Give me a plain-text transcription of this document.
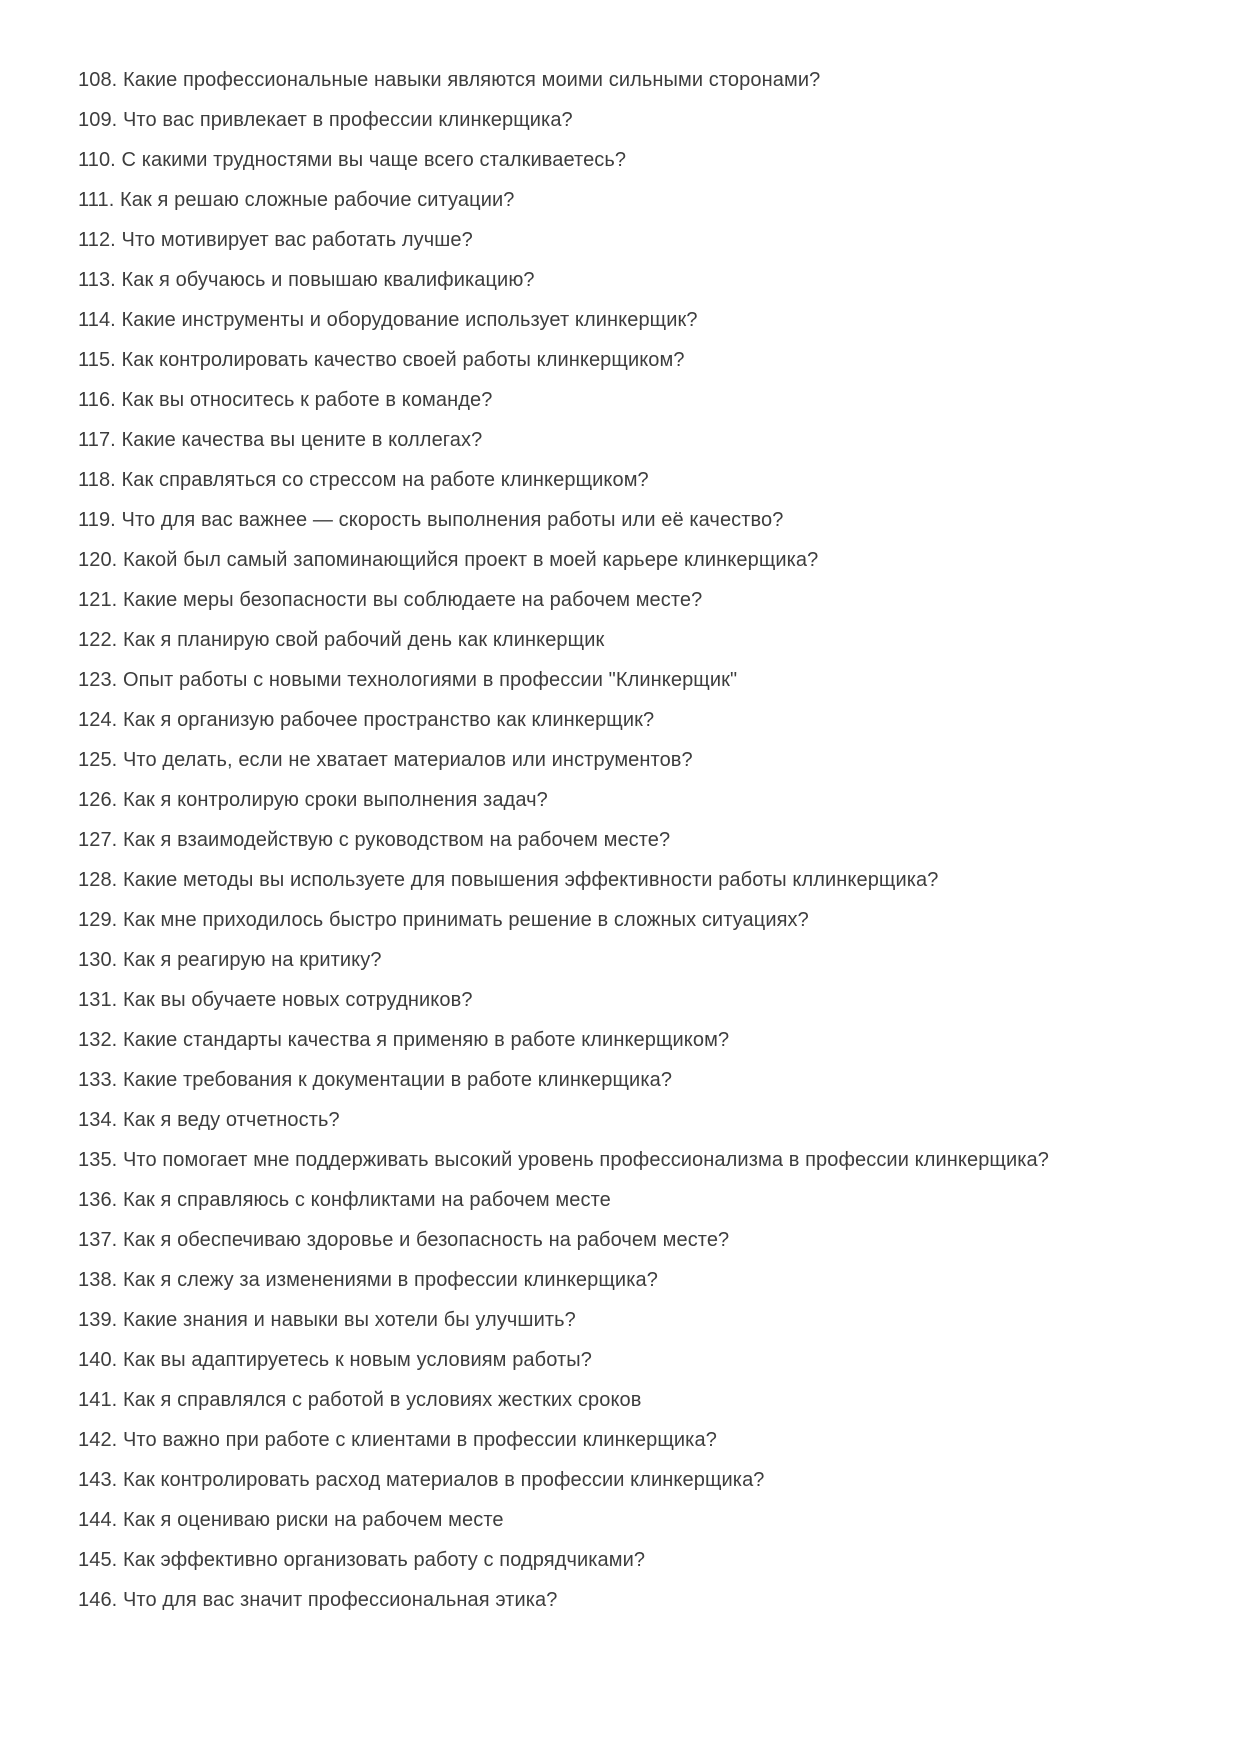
108. Какие профессиональные навыки являются моими сильными сторонами?

109. Что вас привлекает в профессии клинкерщика?

110. С какими трудностями вы чаще всего сталкиваетесь?

111. Как я решаю сложные рабочие ситуации?

112. Что мотивирует вас работать лучше?

113. Как я обучаюсь и повышаю квалификацию?

114. Какие инструменты и оборудование использует клинкерщик?

115. Как контролировать качество своей работы клинкерщиком?

116. Как вы относитесь к работе в команде?

117. Какие качества вы цените в коллегах?

118. Как справляться со стрессом на работе клинкерщиком?

119. Что для вас важнее — скорость выполнения работы или её качество?

120. Какой был самый запоминающийся проект в моей карьере клинкерщика?

121. Какие меры безопасности вы соблюдаете на рабочем месте?

122. Как я планирую свой рабочий день как клинкерщик

123. Опыт работы с новыми технологиями в профессии "Клинкерщик"

124. Как я организую рабочее пространство как клинкерщик?

125. Что делать, если не хватает материалов или инструментов?

126. Как я контролирую сроки выполнения задач?

127. Как я взаимодействую с руководством на рабочем месте?

128. Какие методы вы используете для повышения эффективности работы кллинкерщика?

129. Как мне приходилось быстро принимать решение в сложных ситуациях?

130. Как я реагирую на критику?

131. Как вы обучаете новых сотрудников?

132. Какие стандарты качества я применяю в работе клинкерщиком?

133. Какие требования к документации в работе клинкерщика?

134. Как я веду отчетность?

135. Что помогает мне поддерживать высокий уровень профессионализма в профессии клинкерщика?

136. Как я справляюсь с конфликтами на рабочем месте

137. Как я обеспечиваю здоровье и безопасность на рабочем месте?

138. Как я слежу за изменениями в профессии клинкерщика?

139. Какие знания и навыки вы хотели бы улучшить?

140. Как вы адаптируетесь к новым условиям работы?

141. Как я справлялся с работой в условиях жестких сроков

142. Что важно при работе с клиентами в профессии клинкерщика?

143. Как контролировать расход материалов в профессии клинкерщика?

144. Как я оцениваю риски на рабочем месте

145. Как эффективно организовать работу с подрядчиками?

146. Что для вас значит профессиональная этика?
